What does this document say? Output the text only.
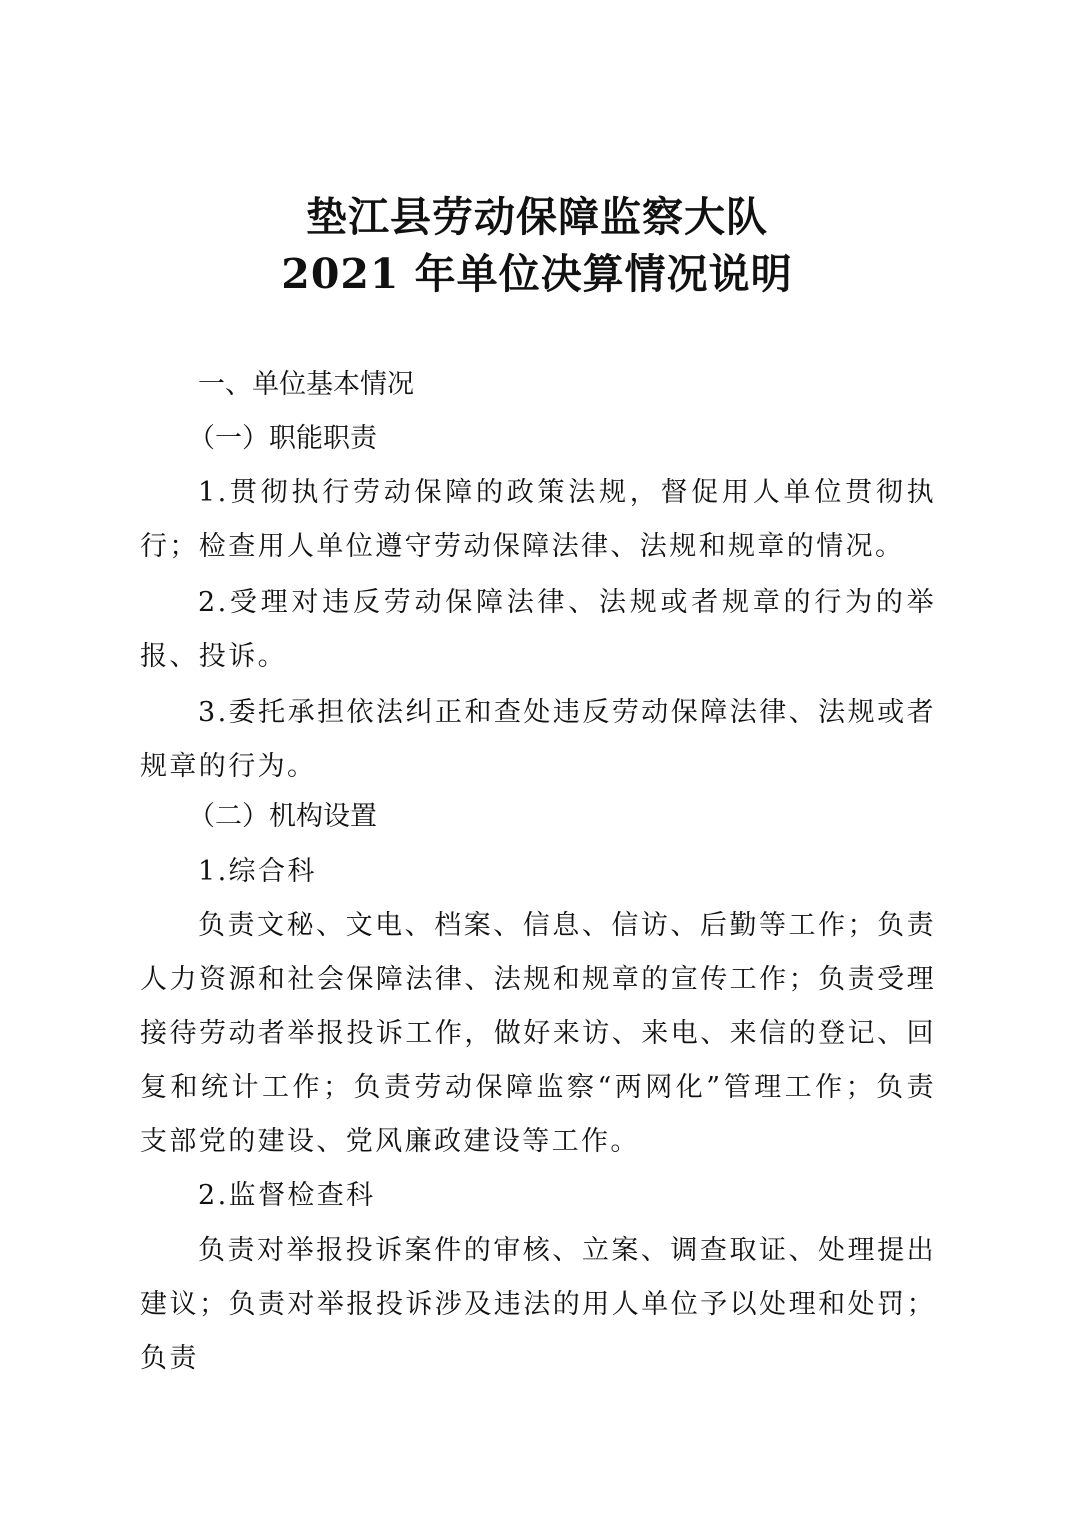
垫江县劳动保障监察大队
2021 年单位决算情况说明
一、单位基本情况
（一）职能职责

1.贯彻执行劳动保障的政策法规，督促用人单位贯彻执行；检查用人单位遵守劳动保障法律、法规和规章的情况。

2.受理对违反劳动保障法律、法规或者规章的行为的举报、投诉。

3.委托承担依法纠正和查处违反劳动保障法律、法规或者规章的行为。

（二）机构设置
1.综合科

负责文秘、文电、档案、信息、信访、后勤等工作；负责人力资源和社会保障法律、法规和规章的宣传工作；负责受理接待劳动者举报投诉工作，做好来访、来电、来信的登记、回复和统计工作；负责劳动保障监察“两网化”管理工作；负责支部党的建设、党风廉政建设等工作。

2.监督检查科

负责对举报投诉案件的审核、立案、调查取证、处理提出建议；负责对举报投诉涉及违法的用人单位予以处理和处罚；负责
